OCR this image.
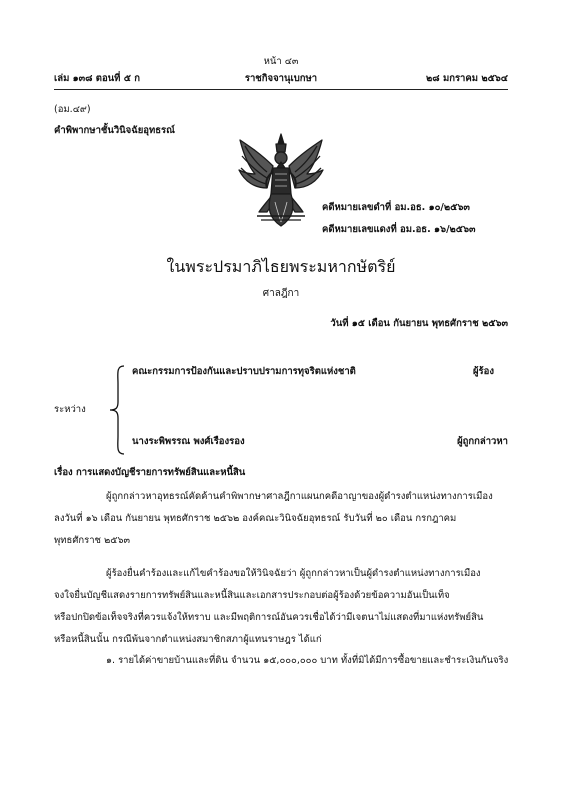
หน้า ๔๓
เล่ม ๑๓๘ ตอนที่ ๕ ก	ราชกิจจานุเบกษา	๒๘ มกราคม ๒๕๖๔
(อม.๔๙)
คำพิพากษาชั้นวินิจฉัยอุทธรณ์
คดีหมายเลขดำที่ อม.อธ. ๑๐/๒๕๖๓
คดีหมายเลขแดงที่ อม.อธ. ๑๖/๒๕๖๓
ในพระปรมาภิไธยพระมหากษัตริย์
ศาลฎีกา
วันที่ ๑๕ เดือน กันยายน พุทธศักราช ๒๕๖๓
คณะกรรมการป้องกันและปราบปรามการทุจริตแห่งชาติ	ผู้ร้อง
ระหว่าง
นางระพิพรรณ พงศ์เรืองรอง	ผู้ถูกกล่าวหา
เรื่อง การแสดงบัญชีรายการทรัพย์สินและหนี้สิน
ผู้ถูกกล่าวหาอุทธรณ์คัดค้านคำพิพากษาศาลฎีกาแผนกคดีอาญาของผู้ดำรงตำแหน่งทางการเมือง
ลงวันที่ ๑๖ เดือน กันยายน พุทธศักราช ๒๕๖๒ องค์คณะวินิจฉัยอุทธรณ์ รับวันที่ ๒๐ เดือน กรกฎาคม
พุทธศักราช ๒๕๖๓
ผู้ร้องยื่นคำร้องและแก้ไขคำร้องขอให้วินิจฉัยว่า ผู้ถูกกล่าวหาเป็นผู้ดำรงตำแหน่งทางการเมือง
จงใจยื่นบัญชีแสดงรายการทรัพย์สินและหนี้สินและเอกสารประกอบต่อผู้ร้องด้วยข้อความอันเป็นเท็จ
หรือปกปิดข้อเท็จจริงที่ควรแจ้งให้ทราบ และมีพฤติการณ์อันควรเชื่อได้ว่ามีเจตนาไม่แสดงที่มาแห่งทรัพย์สิน
หรือหนี้สินนั้น กรณีพ้นจากตำแหน่งสมาชิกสภาผู้แทนราษฎร ได้แก่
๑. รายได้ค่าขายบ้านและที่ดิน จำนวน ๑๕,๐๐๐,๐๐๐ บาท ทั้งที่มิได้มีการซื้อขายและชำระเงินกันจริง
